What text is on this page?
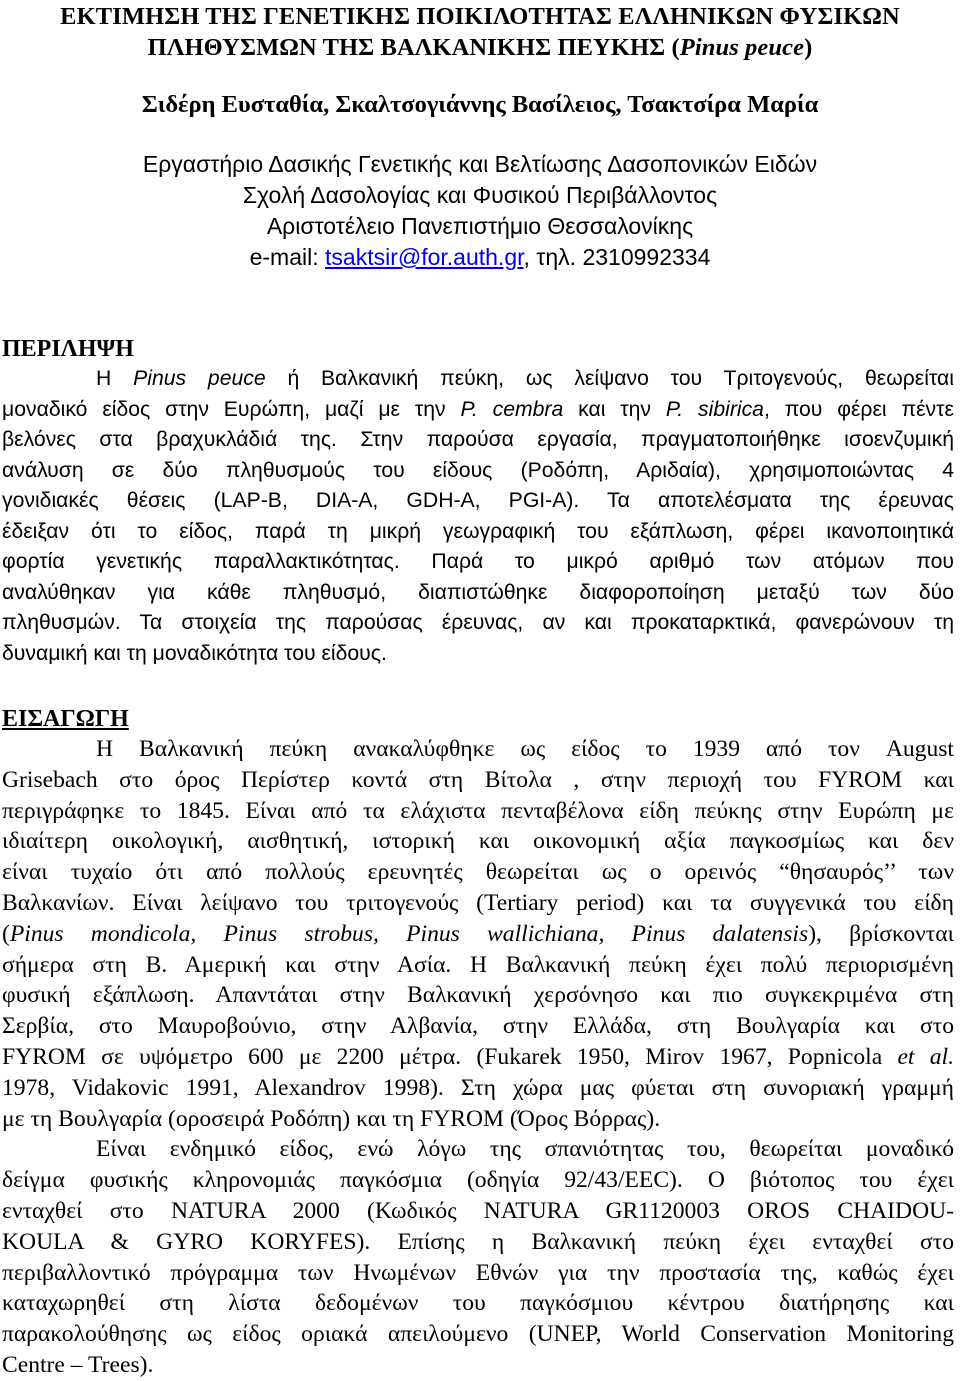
ΕΚΤΙΜΗΣΗ ΤΗΣ ΓΕΝΕΤΙΚΗΣ ΠΟΙΚΙΛΟΤΗΤΑΣ ΕΛΛΗΝΙΚΩΝ ΦΥΣΙΚΩΝ
ΠΛΗΘΥΣΜΩΝ ΤΗΣ ΒΑΛΚΑΝΙΚΗΣ ΠΕΥΚΗΣ (Pinus peuce)
Σιδέρη Ευσταθία, Σκαλτσογιάννης Βασίλειος, Τσακτσίρα Μαρία
Εργαστήριο Δασικής Γενετικής και Βελτίωσης Δασοπονικών Ειδών
Σχολή Δασολογίας και Φυσικού Περιβάλλοντος
Αριστοτέλειο Πανεπιστήμιο Θεσσαλονίκης
e-mail: tsaktsir@for.auth.gr, τηλ. 2310992334
ΠΕΡΙΛΗΨΗ
Η Pinus peuce ή Βαλκανική πεύκη, ως λείψανο του Τριτογενούς, θεωρείται
μοναδικό είδος στην Ευρώπη, μαζί με την P. cembra και την P. sibirica, που φέρει πέντε
βελόνες στα βραχυκλάδιά της. Στην παρούσα εργασία, πραγματοποιήθηκε ισοενζυμική
ανάλυση σε δύο πληθυσμούς του είδους (Ροδόπη, Αριδαία), χρησιμοποιώντας 4
γονιδιακές θέσεις (LAP-B, DIA-A, GDH-A, PGI-A). Τα αποτελέσματα της έρευνας
έδειξαν ότι το είδος, παρά τη μικρή γεωγραφική του εξάπλωση, φέρει ικανοποιητικά
φορτία γενετικής παραλλακτικότητας. Παρά το μικρό αριθμό των ατόμων που
αναλύθηκαν για κάθε πληθυσμό, διαπιστώθηκε διαφοροποίηση μεταξύ των δύο
πληθυσμών. Τα στοιχεία της παρούσας έρευνας, αν και προκαταρκτικά, φανερώνουν τη
δυναμική και τη μοναδικότητα του είδους.
ΕΙΣΑΓΩΓΗ
Η Βαλκανική πεύκη ανακαλύφθηκε ως είδος το 1939 από τον August
Grisebach στο όρος Περίστερ κοντά στη Βίτολα , στην περιοχή του FYROM και
περιγράφηκε το 1845. Είναι από τα ελάχιστα πενταβέλονα είδη πεύκης στην Ευρώπη με
ιδιαίτερη οικολογική, αισθητική, ιστορική και οικονομική αξία παγκοσμίως και δεν
είναι τυχαίο ότι από πολλούς ερευνητές θεωρείται ως ο ορεινός “θησαυρός’’ των
Βαλκανίων. Είναι λείψανο του τριτογενούς (Tertiary period) και τα συγγενικά του είδη
(Pinus mondicola, Pinus strobus, Pinus wallichiana, Pinus dalatensis), βρίσκονται
σήμερα στη Β. Αμερική και στην Ασία. Η Βαλκανική πεύκη έχει πολύ περιορισμένη
φυσική εξάπλωση. Απαντάται στην Βαλκανική χερσόνησο και πιο συγκεκριμένα στη
Σερβία, στο Μαυροβούνιο, στην Αλβανία, στην Ελλάδα, στη Βουλγαρία και στο
FYROM σε υψόμετρο 600 με 2200 μέτρα. (Fukarek 1950, Mirov 1967, Popnicola et al.
1978, Vidakovic 1991, Alexandrov 1998). Στη χώρα μας φύεται στη συνοριακή γραμμή
με τη Βουλγαρία (οροσειρά Ροδόπη) και τη FYROM (Όρος Βόρρας).
Είναι ενδημικό είδος, ενώ λόγω της σπανιότητας του, θεωρείται μοναδικό
δείγμα φυσικής κληρονομιάς παγκόσμια (οδηγία 92/43/ΕΕC). Ο βιότοπος του έχει
ενταχθεί στο NATURA 2000 (Κωδικός NATURA GR1120003 OROS CHAIDOU-
KOULA & GYRO KORYFES). Επίσης η Βαλκανική πεύκη έχει ενταχθεί στο
περιβαλλοντικό πρόγραμμα των Ηνωμένων Εθνών για την προστασία της, καθώς έχει
καταχωρηθεί στη λίστα δεδομένων του παγκόσμιου κέντρου διατήρησης και
παρακολούθησης ως είδος οριακά απειλούμενο (UNEP, World Conservation Monitoring
Centre – Trees).
